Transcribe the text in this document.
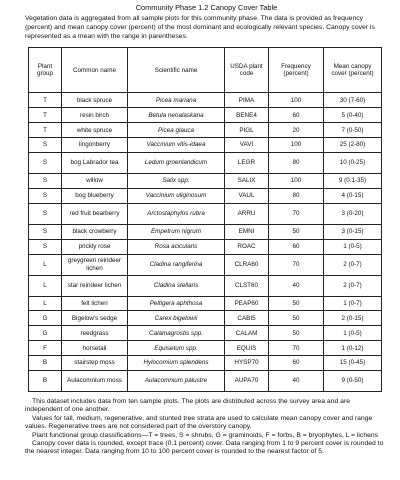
Community Phase 1.2 Canopy Cover Table
Vegetation data is aggregated from all sample plots for this community phase. The data is provided as frequency (percent) and mean canopy cover (percent) of the most dominant and ecologically relevant species. Canopy cover is represented as a mean with the range in parentheses.
Plant group	Common name	Scientific name	USDA plant code	Frequency (percent)	Mean canopy cover (percent)
T	black spruce	Picea mariana	PIMA	100	30 (7-60)
T	resin birch	Betula neoalaskana	BENE4	60	5 (0-40)
T	white spruce	Picea glauca	PIGL	20	7 (0-50)
S	lingonberry	Vaccinium vitis-idaea	VAVI	100	25 (2-80)
S	bog Labrador tea	Ledum groenlandicum	LEGR	80	10 (0-25)
S	willow	Salix spp.	SALIX	100	9 (0.1-35)
S	bog blueberry	Vaccinium uliginosum	VAUL	80	4 (0-15)
S	red fruit bearberry	Arctostaphylos rubra	ARRU	70	3 (0-20)
S	black crowberry	Empetrum nigrum	EMNI	50	3 (0-15)
S	prickly rose	Rosa acicularis	ROAC	60	1 (0-5)
L	greygreen reindeer lichen	Cladina rangiferina	CLRA60	70	2 (0-7)
L	star reindeer lichen	Cladina stellaris	CLST60	40	2 (0-7)
L	felt lichen	Peltigera aphthosa	PEAP60	50	1 (0-7)
G	Bigelow's sedge	Carex bigelowii	CABI5	50	2 (0-15)
G	reedgrass	Calamagrostis spp.	CALAM	50	1 (0-5)
F	horsetail	Equisetum spp.	EQUIS	70	1 (0-12)
B	stairstep moss	Hylocomium splendens	HYSP70	60	15 (0-45)
B	Aulacomnium moss	Aulacomnium palustre	AUPA70	40	9 (0-50)

This dataset includes data from ten sample plots. The plots are distributed across the survey area and are independent of one another.

Values for tall, medium, regenerative, and stunted tree strata are used to calculate mean canopy cover and range values. Regenerative trees are not considered part of the overstory canopy.

Plant functional group classifications—T = trees, S = shrubs, G = graminoids, F = forbs, B = bryophytes, L = lichens

Canopy cover data is rounded, except trace (0.1 percent) cover. Data ranging from 1 to 9 percent cover is rounded to the nearest integer. Data ranging from 10 to 100 percent cover is rounded to the nearest factor of 5.
